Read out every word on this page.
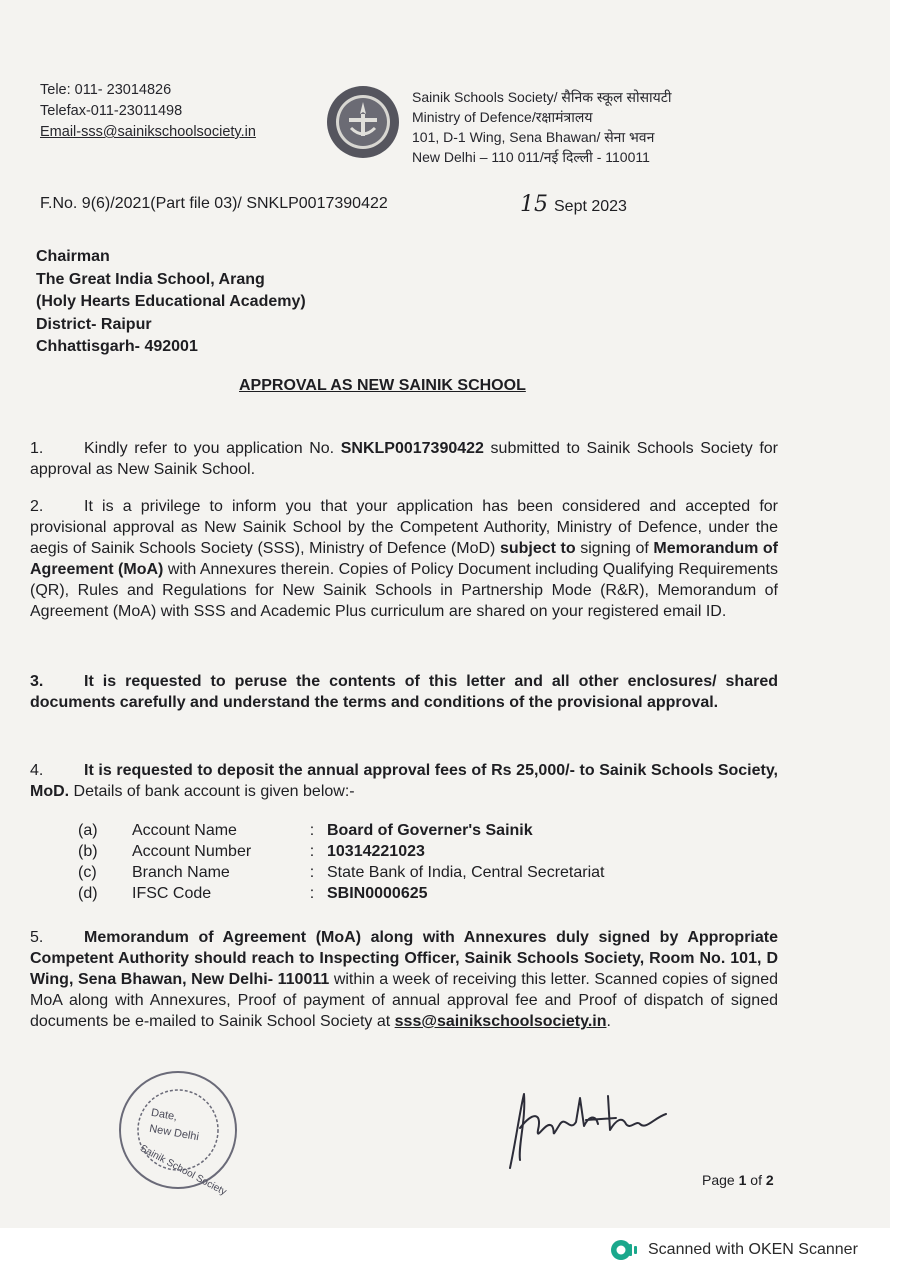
Tele: 011- 23014826
Telefax-011-23011498
Email-sss@sainikschoolsociety.in
Sainik Schools Society/ सैनिक स्कूल सोसायटी
Ministry of Defence/रक्षामंत्रालय
101, D-1 Wing, Sena Bhawan/ सेना भवन
New Delhi – 110 011/नई दिल्ली - 110011
F.No. 9(6)/2021(Part file 03)/ SNKLP0017390422	15 Sept 2023
Chairman
The Great India School, Arang
(Holy Hearts Educational Academy)
District- Raipur
Chhattisgarh- 492001
APPROVAL AS NEW SAINIK SCHOOL
1.	Kindly refer to you application No. SNKLP0017390422 submitted to Sainik Schools Society for approval as New Sainik School.
2.	It is a privilege to inform you that your application has been considered and accepted for provisional approval as New Sainik School by the Competent Authority, Ministry of Defence, under the aegis of Sainik Schools Society (SSS), Ministry of Defence (MoD) subject to signing of Memorandum of Agreement (MoA) with Annexures therein. Copies of Policy Document including Qualifying Requirements (QR), Rules and Regulations for New Sainik Schools in Partnership Mode (R&R), Memorandum of Agreement (MoA) with SSS and Academic Plus curriculum are shared on your registered email ID.
3.	It is requested to peruse the contents of this letter and all other enclosures/ shared documents carefully and understand the terms and conditions of the provisional approval.
4.	It is requested to deposit the annual approval fees of Rs 25,000/- to Sainik Schools Society, MoD. Details of bank account is given below:-
(a)	Account Name	:	Board of Governer's Sainik
(b)	Account Number	:	10314221023
(c)	Branch Name	:	State Bank of India, Central Secretariat
(d)	IFSC Code	:	SBIN0000625
5.	Memorandum of Agreement (MoA) along with Annexures duly signed by Appropriate Competent Authority should reach to Inspecting Officer, Sainik Schools Society, Room No. 101, D Wing, Sena Bhawan, New Delhi- 110011 within a week of receiving this letter. Scanned copies of signed MoA along with Annexures, Proof of payment of annual approval fee and Proof of dispatch of signed documents be e-mailed to Sainik School Society at sss@sainikschoolsociety.in.
Date,
New Delhi
Sainik School Society	Page 1 of 2
Scanned with OKEN Scanner
